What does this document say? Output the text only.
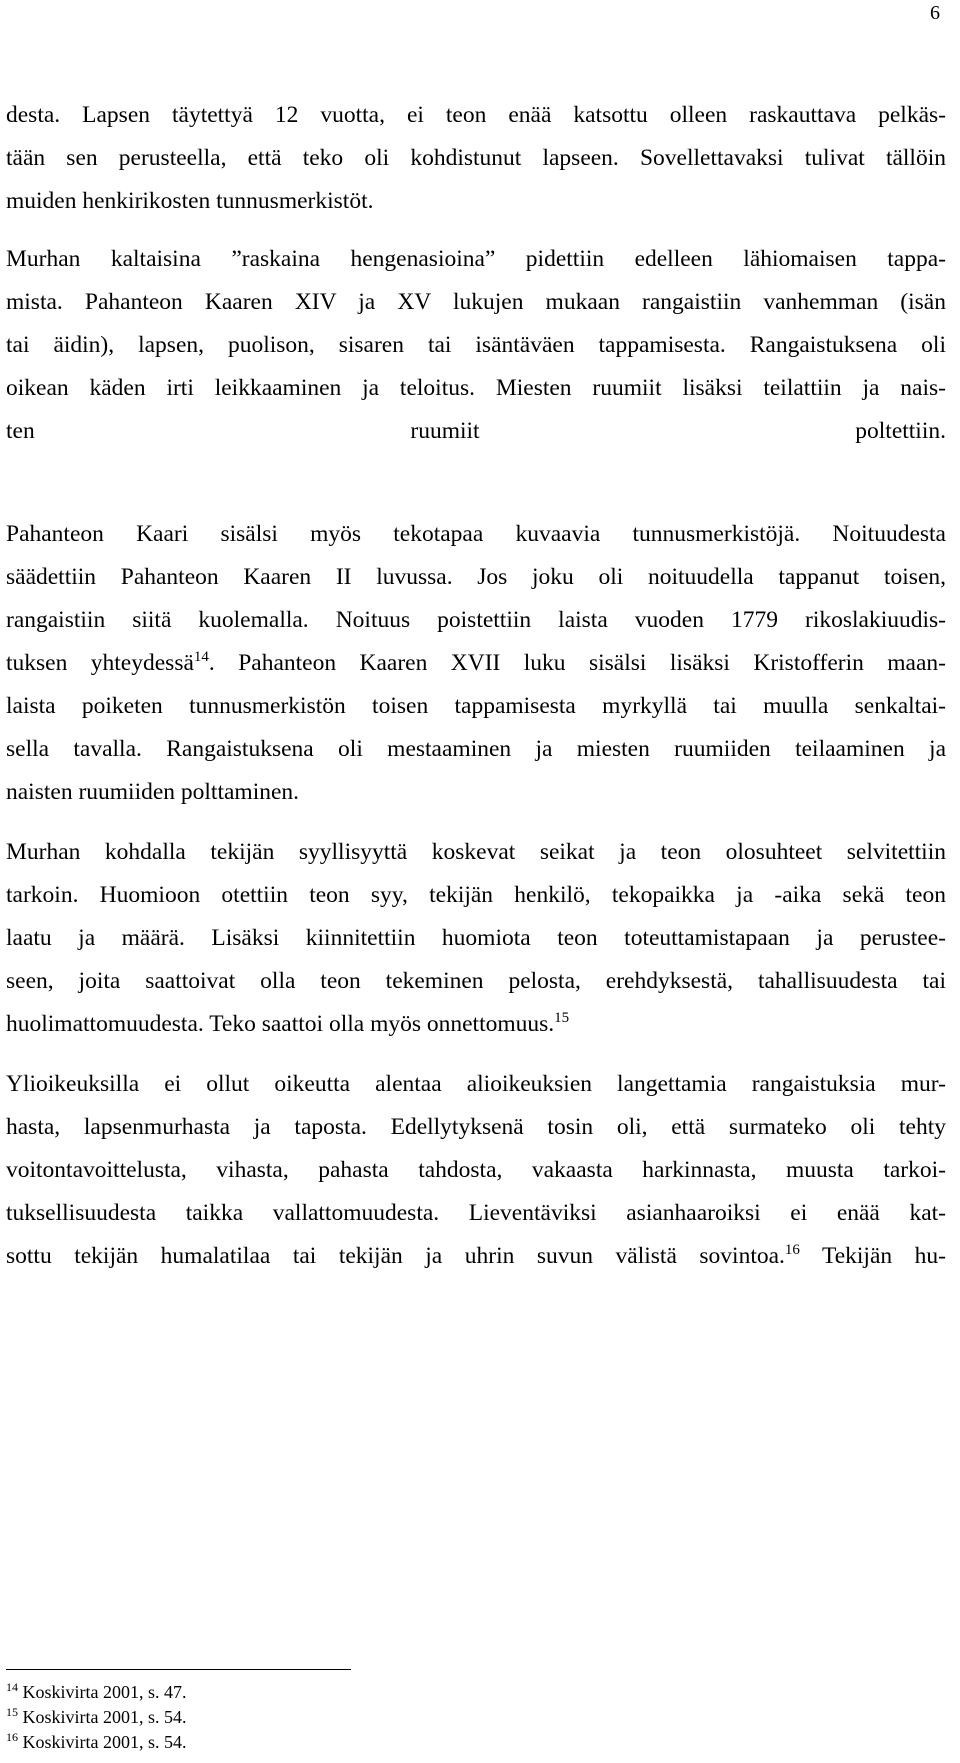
6
desta. Lapsen täytettyä 12 vuotta, ei teon enää katsottu olleen raskauttava pelkäs-
tään sen perusteella, että teko oli kohdistunut lapseen. Sovellettavaksi tulivat tällöin
muiden henkirikosten tunnusmerkistöt.
Murhan kaltaisina ”raskaina hengenasioina” pidettiin edelleen lähiomaisen tappa-
mista. Pahanteon Kaaren XIV ja XV lukujen mukaan rangaistiin vanhemman (isän
tai äidin), lapsen, puolison, sisaren tai isäntäväen tappamisesta. Rangaistuksena oli
oikean käden irti leikkaaminen ja teloitus. Miesten ruumiit lisäksi teilattiin ja nais-
ten ruumiit poltettiin.
Pahanteon Kaari sisälsi myös tekotapaa kuvaavia tunnusmerkistöjä. Noituudesta
säädettiin Pahanteon Kaaren II luvussa. Jos joku oli noituudella tappanut toisen,
rangaistiin siitä kuolemalla. Noituus poistettiin laista vuoden 1779 rikoslakiuudis-
tuksen yhteydessä$^{14}$. Pahanteon Kaaren XVII luku sisälsi lisäksi Kristofferin maan-
laista poiketen tunnusmerkistön toisen tappamisesta myrkyllä tai muulla senkaltai-
sella tavalla. Rangaistuksena oli mestaaminen ja miesten ruumiiden teilaaminen ja
naisten ruumiiden polttaminen.
Murhan kohdalla tekijän syyllisyyttä koskevat seikat ja teon olosuhteet selvitettiin
tarkoin. Huomioon otettiin teon syy, tekijän henkilö, tekopaikka ja -aika sekä teon
laatu ja määrä. Lisäksi kiinnitettiin huomiota teon toteuttamistapaan ja perustee-
seen, joita saattoivat olla teon tekeminen pelosta, erehdyksestä, tahallisuudesta tai
huolimattomuudesta. Teko saattoi olla myös onnettomuus.$^{15}$
Ylioikeuksilla ei ollut oikeutta alentaa alioikeuksien langettamia rangaistuksia mur-
hasta, lapsenmurhasta ja taposta. Edellytyksenä tosin oli, että surmateko oli tehty
voitontavoittelusta, vihasta, pahasta tahdosta, vakaasta harkinnasta, muusta tarkoi-
tuksellisuudesta taikka vallattomuudesta. Lieventäviksi asianhaaroiksi ei enää kat-
sottu tekijän humalatilaa tai tekijän ja uhrin suvun välistä sovintoa.$^{16}$ Tekijän hu-
$^{14}$ Koskivirta 2001, s. 47.
$^{15}$ Koskivirta 2001, s. 54.
$^{16}$ Koskivirta 2001, s. 54.
